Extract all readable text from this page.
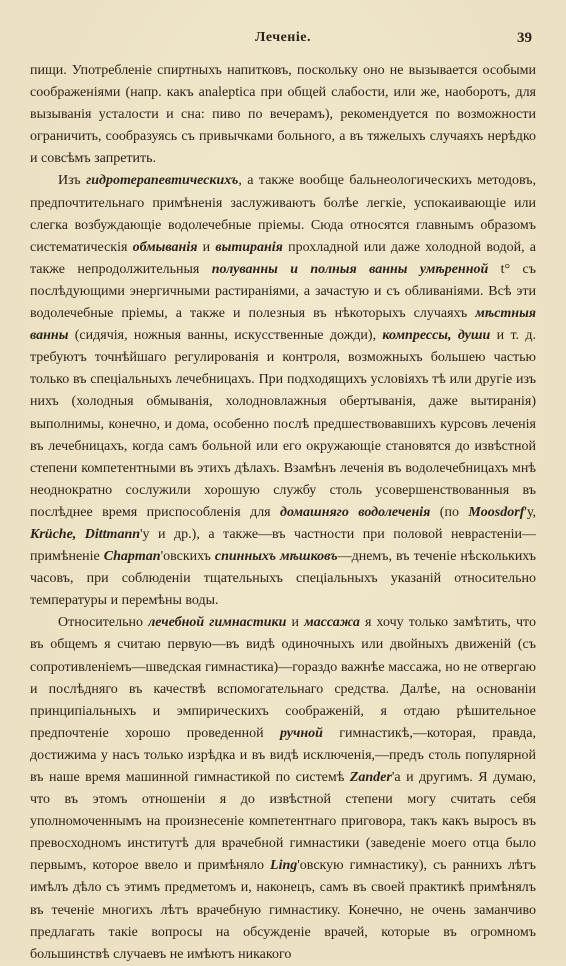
Леченіе.	39

пищи. Употребленіе спиртныхъ напитковъ, поскольку оно не вызывается особыми соображеніями (напр. какъ analeptica при общей слабости, или же, наоборотъ, для вызыванія усталости и сна: пиво по вечерамъ), рекомендуется по возможности ограничить, сообразуясь съ привычками больного, а въ тяжелыхъ случаяхъ нерѣдко и совсѣмъ запретить.

Изъ гидротерапевтическихъ, а также вообще бальнеологическихъ методовъ, предпочтительнаго примѣненія заслуживаютъ болѣе легкіе, успокаивающіе или слегка возбуждающіе водолечебные пріемы. Сюда относятся главнымъ образомъ систематическія обмыванія и вытиранія прохладной или даже холодной водой, а также непродолжительныя полуванны и полныя ванны умѣренной t° съ послѣдующими энергичными растираніями, а зачастую и съ обливаніями. Всѣ эти водолечебные пріемы, а также и полезныя въ нѣкоторыхъ случаяхъ мѣстныя ванны (сидячія, ножныя ванны, искусственные дожди), компрессы, души и т. д. требуютъ точнѣйшаго регулированія и контроля, возможныхъ большею частью только въ спеціальныхъ лечебницахъ. При подходящихъ условіяхъ тѣ или другіе изъ нихъ (холодныя обмыванія, холодновлажныя обертыванія, даже вытиранія) выполнимы, конечно, и дома, особенно послѣ предшествовавшихъ курсовъ леченія въ лечебницахъ, когда самъ больной или его окружающіе становятся до извѣстной степени компетентными въ этихъ дѣлахъ. Взамѣнъ леченія въ водолечебницахъ мнѣ неоднократно сослужили хорошую службу столь усовершенствованныя въ послѣднее время приспособленія для домашняго водолеченія (по Moosdorf'у, Krüche, Dittmann'у и др.), а также—въ частности при половой неврастеніи—примѣненіе Chapman'овскихъ спинныхъ мѣшковъ—днемъ, въ теченіе нѣсколькихъ часовъ, при соблюденіи тщательныхъ спеціальныхъ указаній относительно температуры и перемѣны воды.

Относительно лечебной гимнастики и массажа я хочу только замѣтить, что въ общемъ я считаю первую—въ видѣ одиночныхъ или двойныхъ движеній (съ сопротивленіемъ—шведская гимнастика)—гораздо важнѣе массажа, но не отвергаю и послѣдняго въ качествѣ вспомогательнаго средства. Далѣе, на основаніи принципіальныхъ и эмпирическихъ соображеній, я отдаю рѣшительное предпочтеніе хорошо проведенной ручной гимнастикѣ,—которая, правда, достижима у насъ только изрѣдка и въ видѣ исключенія,—предъ столь популярной въ наше время машинной гимнастикой по системѣ Zander'а и другимъ. Я думаю, что въ этомъ отношеніи я до извѣстной степени могу считать себя уполномоченнымъ на произнесеніе компетентнаго приговора, такъ какъ выросъ въ превосходномъ институтѣ для врачебной гимнастики (заведеніе моего отца было первымъ, которое ввело и примѣняло Ling'овскую гимнастику), съ раннихъ лѣтъ имѣлъ дѣло съ этимъ предметомъ и, наконецъ, самъ въ своей практикѣ примѣнялъ въ теченіе многихъ лѣтъ врачебную гимнастику. Конечно, не очень заманчиво предлагать такіе вопросы на обсужденіе врачей, которые въ огромномъ большинствѣ случаевъ не имѣютъ никакого
